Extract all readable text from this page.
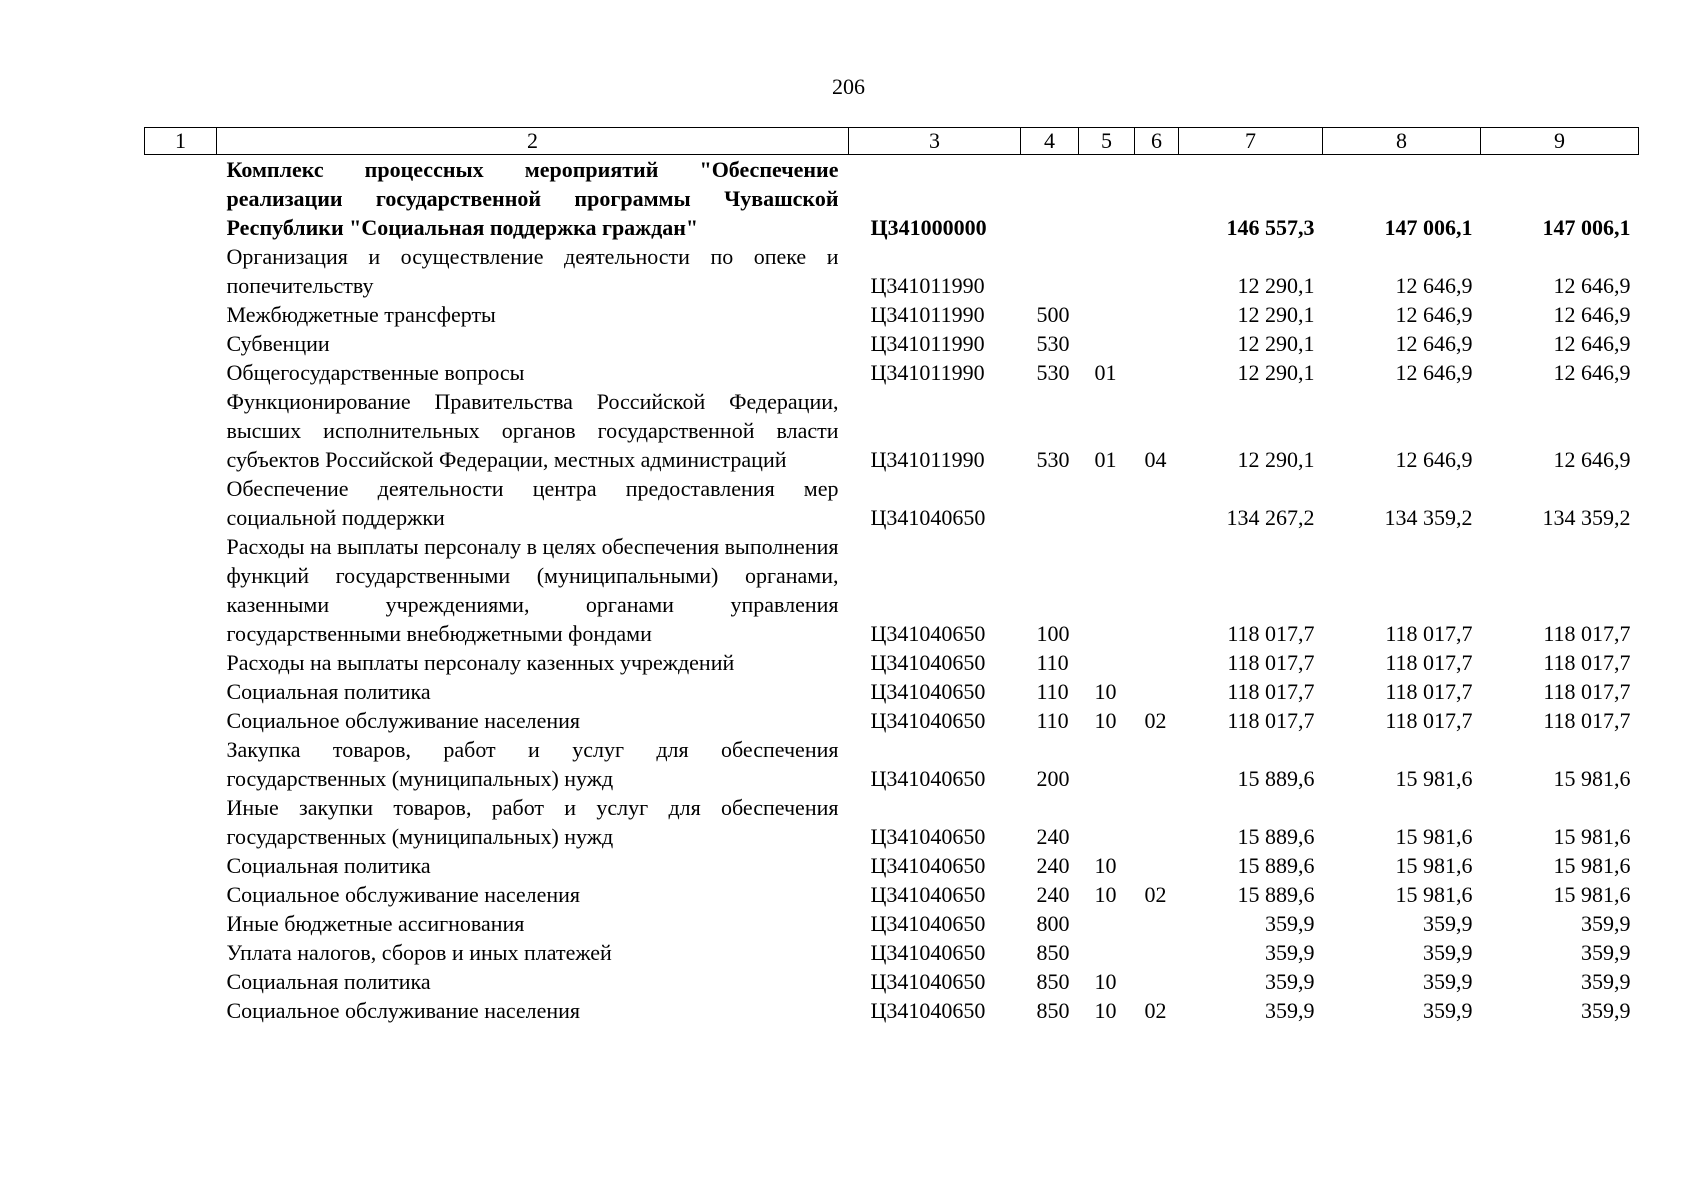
206
1	2	3	4	5	6	7	8	9
	Комплекс процессных мероприятий "Обеспечение реализации государственной программы Чувашской Республики "Социальная поддержка граждан"	Ц341000000				146 557,3	147 006,1	147 006,1
	Организация и осуществление деятельности по опеке и попечительству	Ц341011990				12 290,1	12 646,9	12 646,9
	Межбюджетные трансферты	Ц341011990	500			12 290,1	12 646,9	12 646,9
	Субвенции	Ц341011990	530			12 290,1	12 646,9	12 646,9
	Общегосударственные вопросы	Ц341011990	530	01		12 290,1	12 646,9	12 646,9
	Функционирование Правительства Российской Федерации, высших исполнительных органов государственной власти субъектов Российской Федерации, местных администраций	Ц341011990	530	01	04	12 290,1	12 646,9	12 646,9
	Обеспечение деятельности центра предоставления мер социальной поддержки	Ц341040650				134 267,2	134 359,2	134 359,2
	Расходы на выплаты персоналу в целях обеспечения выполнения функций государственными (муниципальными) органами, казенными учреждениями, органами управления государственными внебюджетными фондами	Ц341040650	100			118 017,7	118 017,7	118 017,7
	Расходы на выплаты персоналу казенных учреждений	Ц341040650	110			118 017,7	118 017,7	118 017,7
	Социальная политика	Ц341040650	110	10		118 017,7	118 017,7	118 017,7
	Социальное обслуживание населения	Ц341040650	110	10	02	118 017,7	118 017,7	118 017,7
	Закупка товаров, работ и услуг для обеспечения государственных (муниципальных) нужд	Ц341040650	200			15 889,6	15 981,6	15 981,6
	Иные закупки товаров, работ и услуг для обеспечения государственных (муниципальных) нужд	Ц341040650	240			15 889,6	15 981,6	15 981,6
	Социальная политика	Ц341040650	240	10		15 889,6	15 981,6	15 981,6
	Социальное обслуживание населения	Ц341040650	240	10	02	15 889,6	15 981,6	15 981,6
	Иные бюджетные ассигнования	Ц341040650	800			359,9	359,9	359,9
	Уплата налогов, сборов и иных платежей	Ц341040650	850			359,9	359,9	359,9
	Социальная политика	Ц341040650	850	10		359,9	359,9	359,9
	Социальное обслуживание населения	Ц341040650	850	10	02	359,9	359,9	359,9
